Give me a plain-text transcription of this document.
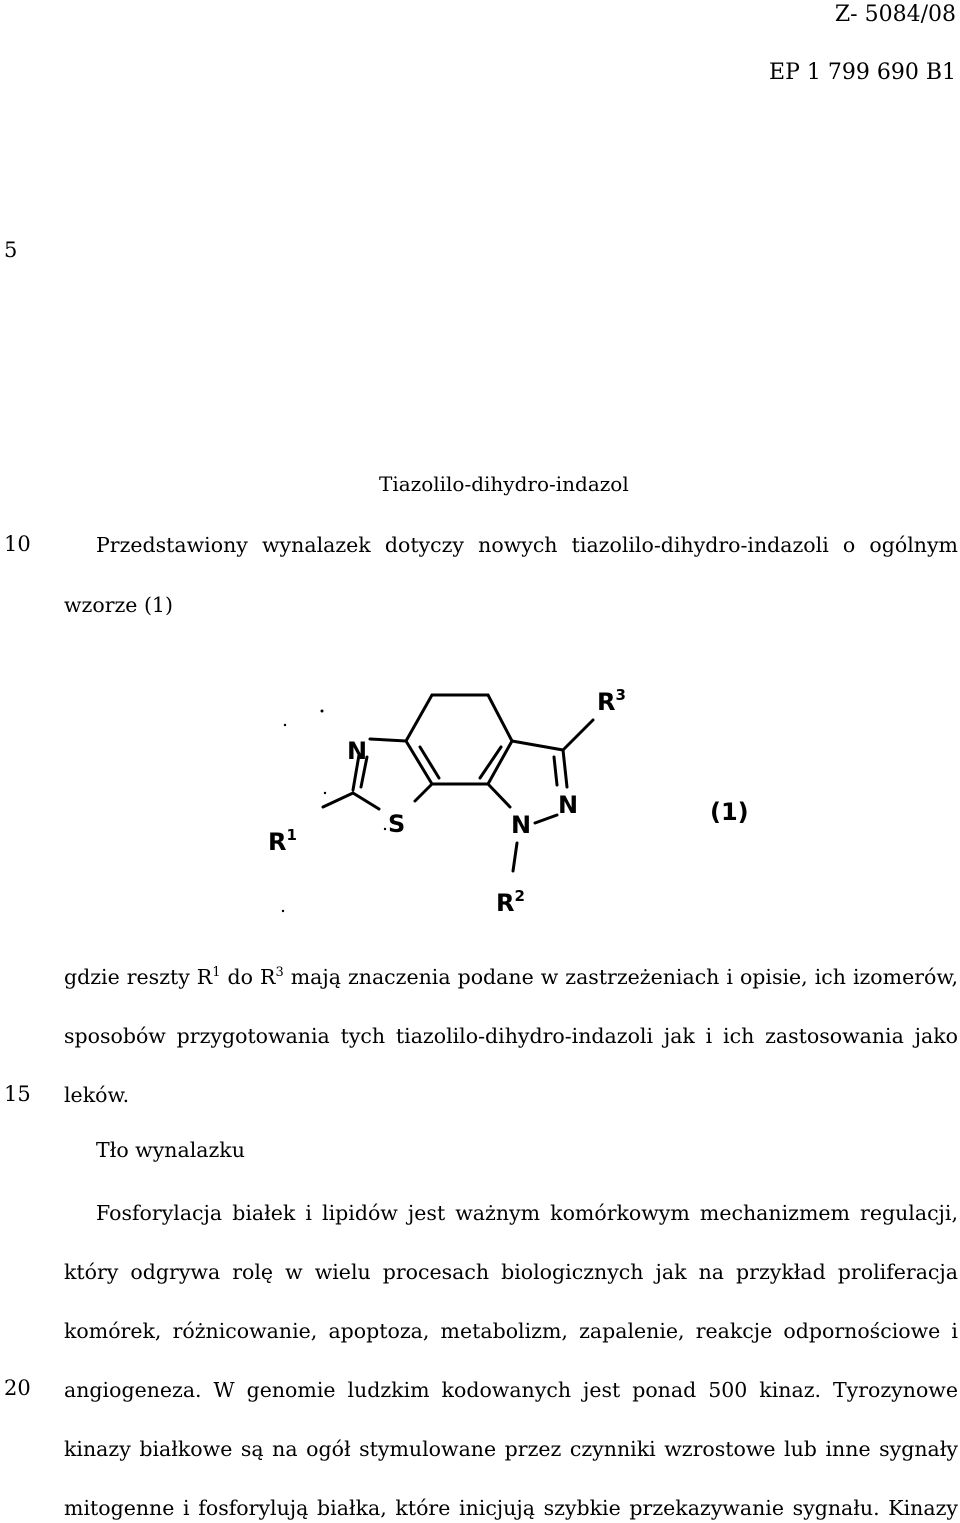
Z- 5084/08
EP 1 799 690 B1
5
10
15
20
Tiazolilo-dihydro-indazol
Przedstawiony wynalazek dotyczy nowych tiazolilo-dihydro-indazoli o ogólnym
wzorze (1)
N
S	N
N
$R^1$
$R^2$
$R^3$
(1)
gdzie reszty $R^1$ do $R^3$ mają znaczenia podane w zastrzeżeniach i opisie, ich izomerów,
sposobów przygotowania tych tiazolilo-dihydro-indazoli jak i ich zastosowania jako
leków.
Tło wynalazku
Fosforylacja białek i lipidów jest ważnym komórkowym mechanizmem regulacji,
który odgrywa rolę w wielu procesach biologicznych jak na przykład proliferacja
komórek, różnicowanie, apoptoza, metabolizm, zapalenie, reakcje odpornościowe i
angiogeneza. W genomie ludzkim kodowanych jest ponad 500 kinaz. Tyrozynowe
kinazy białkowe są na ogół stymulowane przez czynniki wzrostowe lub inne sygnały
mitogenne i fosforylują białka, które inicjują szybkie przekazywanie sygnału. Kinazy
